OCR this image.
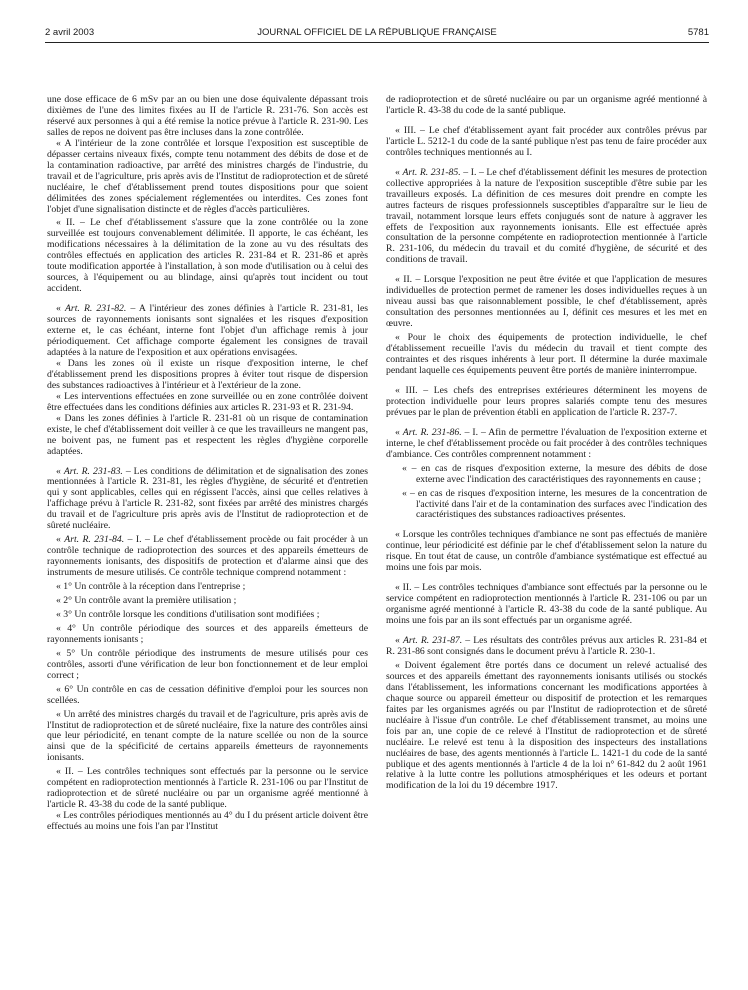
2 avril 2003	JOURNAL OFFICIEL DE LA RÉPUBLIQUE FRANÇAISE	5781

une dose efficace de 6 mSv par an ou bien une dose équivalente dépassant trois dixièmes de l'une des limites fixées au II de l'article R. 231-76. Son accès est réservé aux personnes à qui a été remise la notice prévue à l'article R. 231-90. Les salles de repos ne doivent pas être incluses dans la zone contrôlée.

« A l'intérieur de la zone contrôlée et lorsque l'exposition est susceptible de dépasser certains niveaux fixés, compte tenu notamment des débits de dose et de la contamination radioactive, par arrêté des ministres chargés de l'industrie, du travail et de l'agriculture, pris après avis de l'Institut de radioprotection et de sûreté nucléaire, le chef d'établissement prend toutes dispositions pour que soient délimitées des zones spécialement réglementées ou interdites. Ces zones font l'objet d'une signalisation distincte et de règles d'accès particulières.

« II. – Le chef d'établissement s'assure que la zone contrôlée ou la zone surveillée est toujours convenablement délimitée. Il apporte, le cas échéant, les modifications nécessaires à la délimitation de la zone au vu des résultats des contrôles effectués en application des articles R. 231-84 et R. 231-86 et après toute modification apportée à l'installation, à son mode d'utilisation ou à celui des sources, à l'équipement ou au blindage, ainsi qu'après tout incident ou tout accident.

« Art. R. 231-82. – A l'intérieur des zones définies à l'article R. 231-81, les sources de rayonnements ionisants sont signalées et les risques d'exposition externe et, le cas échéant, interne font l'objet d'un affichage remis à jour périodiquement. Cet affichage comporte également les consignes de travail adaptées à la nature de l'exposition et aux opérations envisagées.

« Dans les zones où il existe un risque d'exposition interne, le chef d'établissement prend les dispositions propres à éviter tout risque de dispersion des substances radioactives à l'intérieur et à l'extérieur de la zone.

« Les interventions effectuées en zone surveillée ou en zone contrôlée doivent être effectuées dans les conditions définies aux articles R. 231-93 et R. 231-94.

« Dans les zones définies à l'article R. 231-81 où un risque de contamination existe, le chef d'établissement doit veiller à ce que les travailleurs ne mangent pas, ne boivent pas, ne fument pas et respectent les règles d'hygiène corporelle adaptées.

« Art. R. 231-83. – Les conditions de délimitation et de signalisation des zones mentionnées à l'article R. 231-81, les règles d'hygiène, de sécurité et d'entretien qui y sont applicables, celles qui en régissent l'accès, ainsi que celles relatives à l'affichage prévu à l'article R. 231-82, sont fixées par arrêté des ministres chargés du travail et de l'agriculture pris après avis de l'Institut de radioprotection et de sûreté nucléaire.

« Art. R. 231-84. – I. – Le chef d'établissement procède ou fait procéder à un contrôle technique de radioprotection des sources et des appareils émetteurs de rayonnements ionisants, des dispositifs de protection et d'alarme ainsi que des instruments de mesure utilisés. Ce contrôle technique comprend notamment :

« 1° Un contrôle à la réception dans l'entreprise ;

« 2° Un contrôle avant la première utilisation ;

« 3° Un contrôle lorsque les conditions d'utilisation sont modifiées ;

« 4° Un contrôle périodique des sources et des appareils émetteurs de rayonnements ionisants ;

« 5° Un contrôle périodique des instruments de mesure utilisés pour ces contrôles, assorti d'une vérification de leur bon fonctionnement et de leur emploi correct ;

« 6° Un contrôle en cas de cessation définitive d'emploi pour les sources non scellées.

« Un arrêté des ministres chargés du travail et de l'agriculture, pris après avis de l'Institut de radioprotection et de sûreté nucléaire, fixe la nature des contrôles ainsi que leur périodicité, en tenant compte de la nature scellée ou non de la source ainsi que de la spécificité de certains appareils émetteurs de rayonnements ionisants.

« II. – Les contrôles techniques sont effectués par la personne ou le service compétent en radioprotection mentionnés à l'article R. 231-106 ou par l'Institut de radioprotection et de sûreté nucléaire ou par un organisme agréé mentionné à l'article R. 43-38 du code de la santé publique.

« Les contrôles périodiques mentionnés au 4° du I du présent article doivent être effectués au moins une fois l'an par l'Institut

de radioprotection et de sûreté nucléaire ou par un organisme agréé mentionné à l'article R. 43-38 du code de la santé publique.

« III. – Le chef d'établissement ayant fait procéder aux contrôles prévus par l'article L. 5212-1 du code de la santé publique n'est pas tenu de faire procéder aux contrôles techniques mentionnés au I.

« Art. R. 231-85. – I. – Le chef d'établissement définit les mesures de protection collective appropriées à la nature de l'exposition susceptible d'être subie par les travailleurs exposés. La définition de ces mesures doit prendre en compte les autres facteurs de risques professionnels susceptibles d'apparaître sur le lieu de travail, notamment lorsque leurs effets conjugués sont de nature à aggraver les effets de l'exposition aux rayonnements ionisants. Elle est effectuée après consultation de la personne compétente en radioprotection mentionnée à l'article R. 231-106, du médecin du travail et du comité d'hygiène, de sécurité et des conditions de travail.

« II. – Lorsque l'exposition ne peut être évitée et que l'application de mesures individuelles de protection permet de ramener les doses individuelles reçues à un niveau aussi bas que raisonnablement possible, le chef d'établissement, après consultation des personnes mentionnées au I, définit ces mesures et les met en œuvre.

« Pour le choix des équipements de protection individuelle, le chef d'établissement recueille l'avis du médecin du travail et tient compte des contraintes et des risques inhérents à leur port. Il détermine la durée maximale pendant laquelle ces équipements peuvent être portés de manière ininterrompue.

« III. – Les chefs des entreprises extérieures déterminent les moyens de protection individuelle pour leurs propres salariés compte tenu des mesures prévues par le plan de prévention établi en application de l'article R. 237-7.

« Art. R. 231-86. – I. – Afin de permettre l'évaluation de l'exposition externe et interne, le chef d'établissement procède ou fait procéder à des contrôles techniques d'ambiance. Ces contrôles comprennent notamment :

« – en cas de risques d'exposition externe, la mesure des débits de dose externe avec l'indication des caractéristiques des rayonnements en cause ;

« – en cas de risques d'exposition interne, les mesures de la concentration de l'activité dans l'air et de la contamination des surfaces avec l'indication des caractéristiques des substances radioactives présentes.

« Lorsque les contrôles techniques d'ambiance ne sont pas effectués de manière continue, leur périodicité est définie par le chef d'établissement selon la nature du risque. En tout état de cause, un contrôle d'ambiance systématique est effectué au moins une fois par mois.

« II. – Les contrôles techniques d'ambiance sont effectués par la personne ou le service compétent en radioprotection mentionnés à l'article R. 231-106 ou par un organisme agréé mentionné à l'article R. 43-38 du code de la santé publique. Au moins une fois par an ils sont effectués par un organisme agréé.

« Art. R. 231-87. – Les résultats des contrôles prévus aux articles R. 231-84 et R. 231-86 sont consignés dans le document prévu à l'article R. 230-1.

« Doivent également être portés dans ce document un relevé actualisé des sources et des appareils émettant des rayonnements ionisants utilisés ou stockés dans l'établissement, les informations concernant les modifications apportées à chaque source ou appareil émetteur ou dispositif de protection et les remarques faites par les organismes agréés ou par l'Institut de radioprotection et de sûreté nucléaire à l'issue d'un contrôle. Le chef d'établissement transmet, au moins une fois par an, une copie de ce relevé à l'Institut de radioprotection et de sûreté nucléaire. Le relevé est tenu à la disposition des inspecteurs des installations nucléaires de base, des agents mentionnés à l'article L. 1421-1 du code de la santé publique et des agents mentionnés à l'article 4 de la loi n° 61-842 du 2 août 1961 relative à la lutte contre les pollutions atmosphériques et les odeurs et portant modification de la loi du 19 décembre 1917.
